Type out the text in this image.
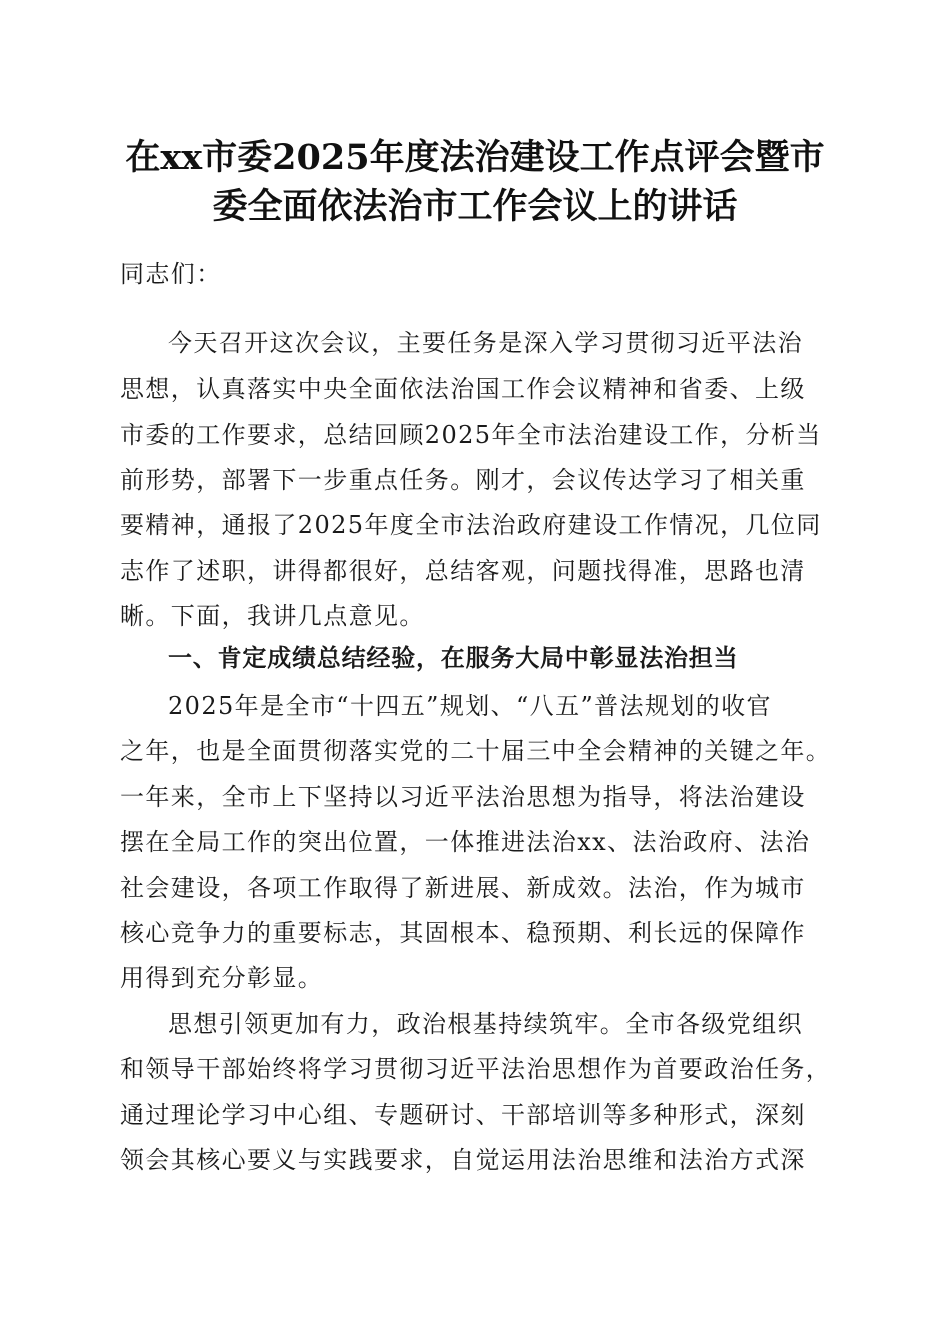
在xx市委2025年度法治建设工作点评会暨市
委全面依法治市工作会议上的讲话

同志们：

今天召开这次会议，主要任务是深入学习贯彻习近平法治

思想，认真落实中央全面依法治国工作会议精神和省委、上级

市委的工作要求，总结回顾2025年全市法治建设工作，分析当

前形势，部署下一步重点任务。刚才，会议传达学习了相关重

要精神，通报了2025年度全市法治政府建设工作情况，几位同

志作了述职，讲得都很好，总结客观，问题找得准，思路也清

晰。下面，我讲几点意见。

一、肯定成绩总结经验，在服务大局中彰显法治担当

2025年是全市“十四五”规划、“八五”普法规划的收官

之年，也是全面贯彻落实党的二十届三中全会精神的关键之年。

一年来，全市上下坚持以习近平法治思想为指导，将法治建设

摆在全局工作的突出位置，一体推进法治xx、法治政府、法治

社会建设，各项工作取得了新进展、新成效。法治，作为城市

核心竞争力的重要标志，其固根本、稳预期、利长远的保障作

用得到充分彰显。

思想引领更加有力，政治根基持续筑牢。全市各级党组织

和领导干部始终将学习贯彻习近平法治思想作为首要政治任务，

通过理论学习中心组、专题研讨、干部培训等多种形式，深刻

领会其核心要义与实践要求，自觉运用法治思维和法治方式深
